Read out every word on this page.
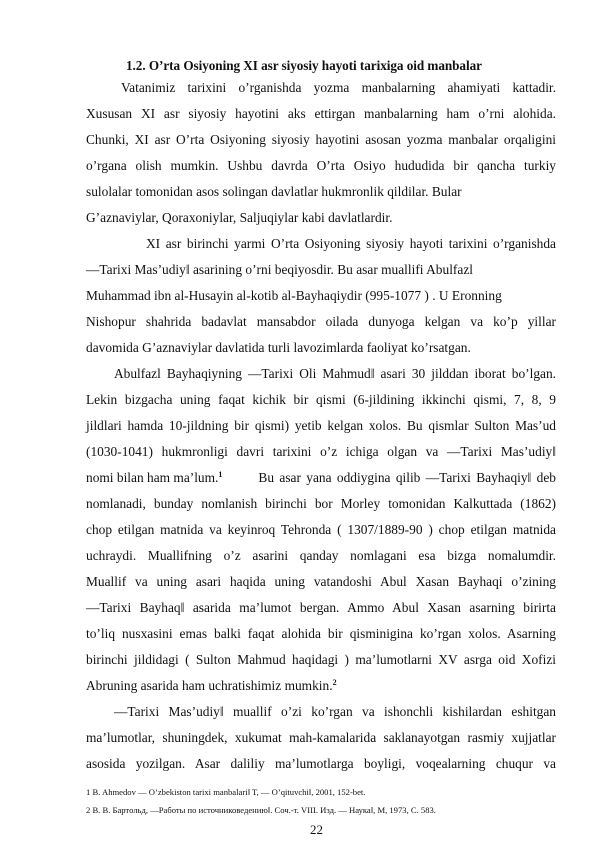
1.2. O’rta Osiyoning XI asr siyosiy hayoti tarixiga oid manbalar
Vatanimiz tarixini o’rganishda yozma manbalarning ahamiyati kattadir.
Xususan XI asr siyosiy hayotini aks ettirgan manbalarning ham o’rni alohida.
Chunki, XI asr O’rta Osiyoning siyosiy hayotini asosan yozma manbalar orqaligini
o’rgana olish mumkin. Ushbu davrda O’rta Osiyo hududida bir qancha turkiy
sulolalar tomonidan asos solingan davlatlar hukmronlik qildilar. Bular
G’aznaviylar, Qoraxoniylar, Saljuqiylar kabi davlatlardir.
XI asr birinchi yarmi O’rta Osiyoning siyosiy hayoti tarixini o’rganishda
―Tarixi Mas’udiy‖ asarining o’rni beqiyosdir. Bu asar muallifi Abulfazl
Muhammad ibn al-Husayin al-kotib al-Bayhaqiydir (995-1077 ) . U Eronning
Nishopur shahrida badavlat mansabdor oilada dunyoga kelgan va ko’p yillar
davomida G’aznaviylar davlatida turli lavozimlarda faoliyat ko’rsatgan.
Abulfazl Bayhaqiyning ―Tarixi Oli Mahmud‖ asari 30 jilddan iborat bo’lgan.
Lekin bizgacha uning faqat kichik bir qismi (6-jildining ikkinchi qismi, 7, 8, 9
jildlari hamda 10-jildning bir qismi) yetib kelgan xolos. Bu qismlar Sulton Mas’ud
(1030-1041) hukmronligi davri tarixini o’z ichiga olgan va ―Tarixi Mas’udiy‖
nomi bilan ham ma’lum.$^1$	Bu asar yana oddiygina qilib ―Tarixi Bayhaqiy‖ deb
nomlanadi, bunday nomlanish birinchi bor Morley tomonidan Kalkuttada (1862)
chop etilgan matnida va keyinroq Tehronda ( 1307/1889-90 ) chop etilgan matnida
uchraydi. Muallifning o’z asarini qanday nomlagani esa bizga nomalumdir.
Muallif va uning asari haqida uning vatandoshi Abul Xasan Bayhaqi o’zining
―Tarixi Bayhaq‖ asarida ma’lumot bergan. Ammo Abul Xasan asarning birirta
to’liq nusxasini emas balki faqat alohida bir qisminigina ko’rgan xolos. Asarning
birinchi jildidagi ( Sulton Mahmud haqidagi ) ma’lumotlarni XV asrga oid Xofizi
Abruning asarida ham uchratishimiz mumkin.$^2$
―Tarixi Mas’udiy‖ muallif o’zi ko’rgan va ishonchli kishilardan eshitgan
ma’lumotlar, shuningdek, xukumat mah-kamalarida saklanayotgan rasmiy xujjatlar
asosida yozilgan. Asar daliliy ma’lumotlarga boyligi, voqealarning chuqur va
1 B. Ahmedov ― O’zbekiston tarixi manbalari‖ T, ― O’qituvchi‖, 2001, 152-bet.
2 В. В. Бартольд, ―Работы по источниковедению‖. Соч.-т. VIII. Изд. ― Наука‖, М, 1973, С. 583.
22
